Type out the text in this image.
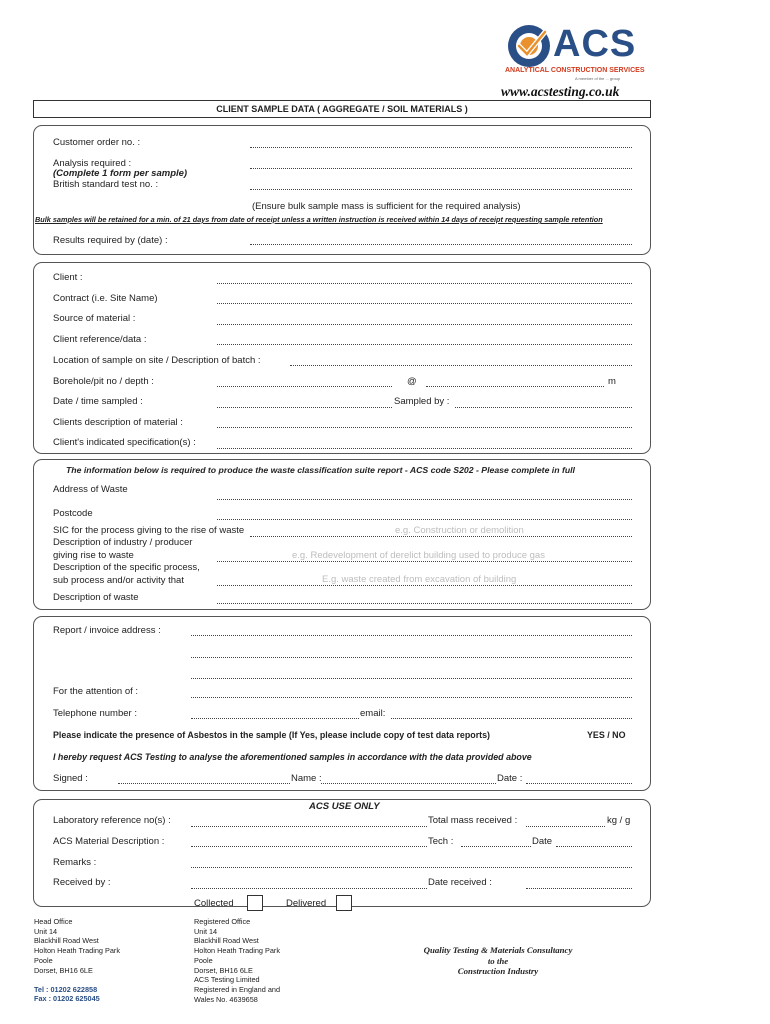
ACS
ANALYTICAL CONSTRUCTION SERVICES
A member of the ... group
www.acstesting.co.uk
CLIENT SAMPLE DATA ( AGGREGATE / SOIL MATERIALS )
Customer order no. :
Analysis required :
(Complete 1 form per sample)
British standard test no. :
(Ensure bulk sample mass is sufficient for the required analysis)
Bulk samples will be retained for a min. of 21 days from date of receipt unless a written instruction is received within 14 days of receipt requesting sample retention
Results required by (date) :
Client :
Contract (i.e. Site Name)
Source of material :
Client reference/data :
Location of sample on site / Description of batch :
Borehole/pit no / depth :	@	m
Date / time sampled :	Sampled by :
Clients description of material :
Client's indicated specification(s) :
The information below is required to produce the waste classification suite report - ACS code S202 - Please complete in full
Address of Waste
Postcode
SIC for the process giving to the rise of waste	e.g. Construction or demolition
Description of industry / producer
giving rise to waste	e.g. Redevelopment of derelict building used to produce gas
Description of the specific process,
sub process and/or activity that	E.g. waste created from excavation of building
Description of waste
Report / invoice address :
For the attention of :
Telephone number :	email:
Please indicate the presence of Asbestos in the sample (If Yes, please include copy of test data reports)	YES / NO
I hereby request ACS Testing to analyse the aforementioned samples in accordance with the data provided above
Signed :	Name :	Date :
ACS USE ONLY
Laboratory reference no(s) :	Total mass received :	kg / g
ACS Material Description :	Tech :	Date
Remarks :
Received by :	Date received :
Collected	Delivered
Head Office
Unit 14
Blackhill Road West
Holton Heath Trading Park
Poole
Dorset, BH16 6LE
Tel : 01202 622858
Fax : 01202 625045
Registered Office
Unit 14
Blackhill Road West
Holton Heath Trading Park
Poole
Dorset, BH16 6LE
ACS Testing Limited
Registered in England and
Wales No. 4639658
Quality Testing & Materials Consultancy
to the
Construction Industry
